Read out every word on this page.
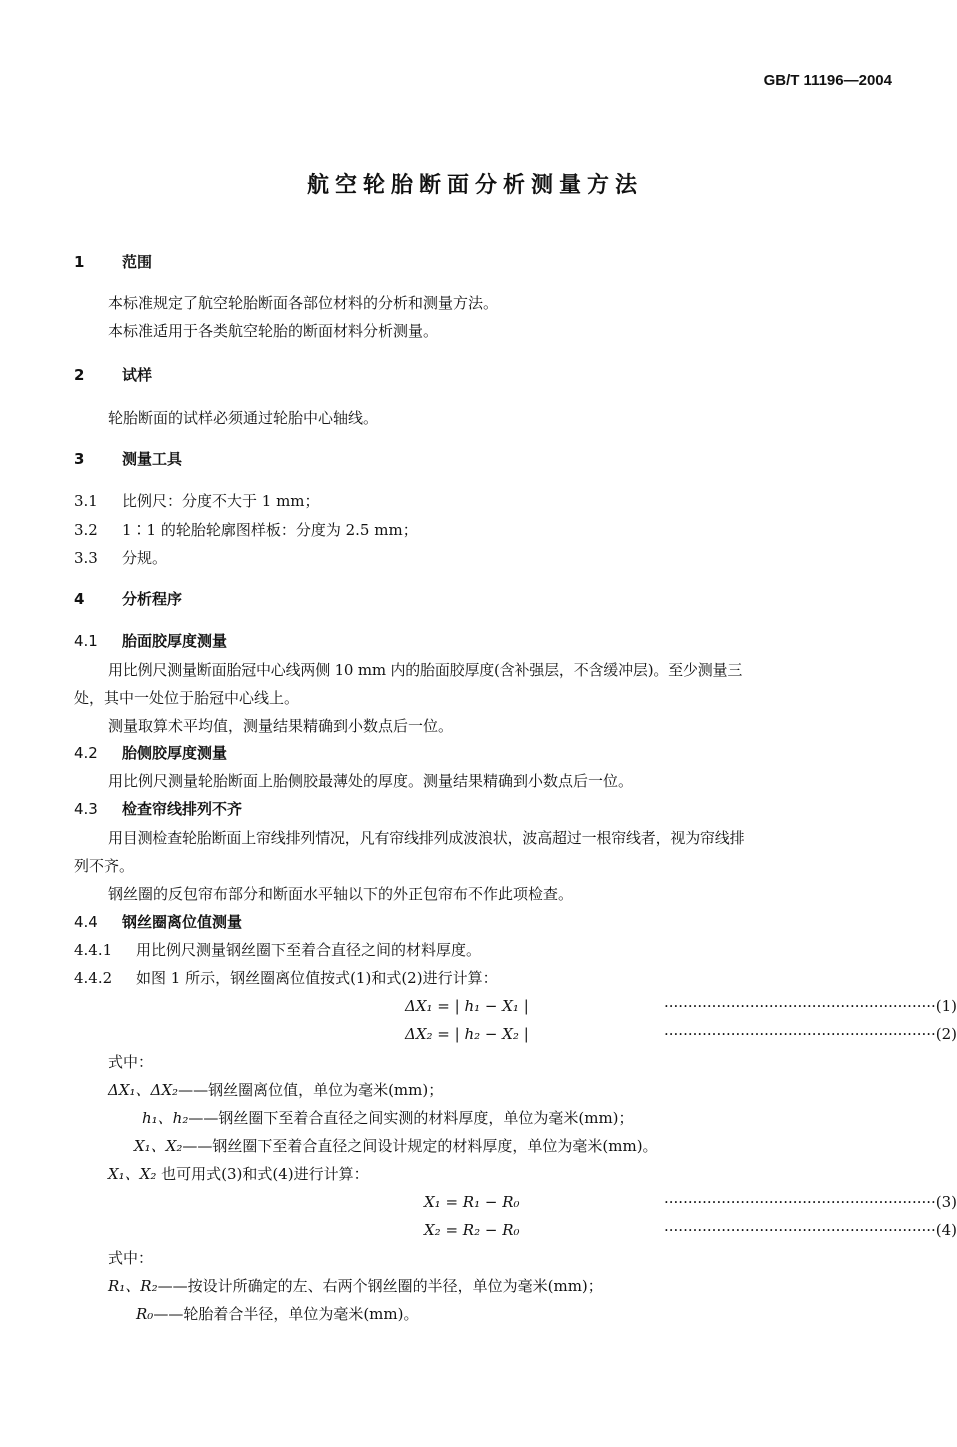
GB/T 11196—2004
航空轮胎断面分析测量方法
1	范围
本标准规定了航空轮胎断面各部位材料的分析和测量方法。
本标准适用于各类航空轮胎的断面材料分析测量。
2	试样
轮胎断面的试样必须通过轮胎中心轴线。
3	测量工具
3.1 比例尺：分度不大于 1 mm；
3.2 1∶1 的轮胎轮廓图样板：分度为 2.5 mm；
3.3 分规。
4	分析程序
4.1 胎面胶厚度测量
用比例尺测量断面胎冠中心线两侧 10 mm 内的胎面胶厚度(含补强层，不含缓冲层)。至少测量三
处，其中一处位于胎冠中心线上。
测量取算术平均值，测量结果精确到小数点后一位。
4.2 胎侧胶厚度测量
用比例尺测量轮胎断面上胎侧胶最薄处的厚度。测量结果精确到小数点后一位。
4.3 检查帘线排列不齐
用目测检查轮胎断面上帘线排列情况，凡有帘线排列成波浪状，波高超过一根帘线者，视为帘线排
列不齐。
钢丝圈的反包帘布部分和断面水平轴以下的外正包帘布不作此项检查。
4.4 钢丝圈离位值测量
4.4.1 用比例尺测量钢丝圈下至着合直径之间的材料厚度。
4.4.2 如图 1 所示，钢丝圈离位值按式(1)和式(2)进行计算：
ΔX₁ = | h₁ − X₁ |	························································· (1)
ΔX₂ = | h₂ − X₂ |	························································· (2)
式中：
ΔX₁、ΔX₂——钢丝圈离位值，单位为毫米(mm)；
h₁、h₂——钢丝圈下至着合直径之间实测的材料厚度，单位为毫米(mm)；
X₁、X₂——钢丝圈下至着合直径之间设计规定的材料厚度，单位为毫米(mm)。
X₁、X₂ 也可用式(3)和式(4)进行计算：
X₁ = R₁ − R₀	························································· (3)
X₂ = R₂ − R₀	························································· (4)
式中：
R₁、R₂——按设计所确定的左、右两个钢丝圈的半径，单位为毫米(mm)；
R₀——轮胎着合半径，单位为毫米(mm)。
